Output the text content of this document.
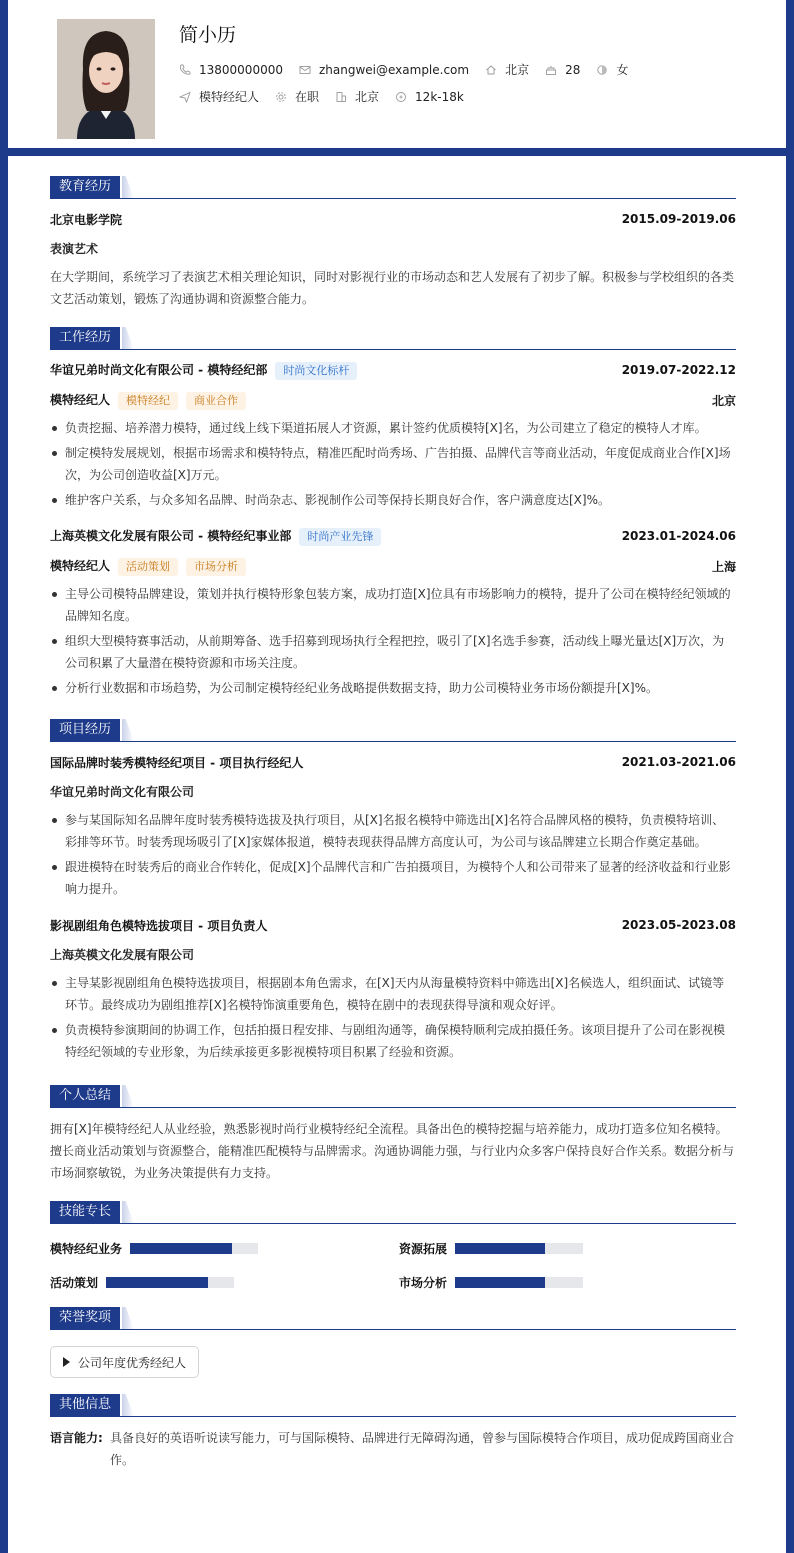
简小历
13800000000	zhangwei@example.com	北京	28	女
模特经纪人	在职	北京	12k-18k
教育经历
北京电影学院	2015.09-2019.06
表演艺术

在大学期间，系统学习了表演艺术相关理论知识，同时对影视行业的市场动态和艺人发展有了初步了解。积极参与学校组织的各类文艺活动策划，锻炼了沟通协调和资源整合能力。

工作经历
华谊兄弟时尚文化有限公司 - 模特经纪部 时尚文化标杆	2019.07-2022.12
模特经纪人 模特经纪 商业合作	北京
负责挖掘、培养潜力模特，通过线上线下渠道拓展人才资源，累计签约优质模特[X]名，为公司建立了稳定的模特人才库。
制定模特发展规划，根据市场需求和模特特点，精准匹配时尚秀场、广告拍摄、品牌代言等商业活动，年度促成商业合作[X]场次，为公司创造收益[X]万元。
维护客户关系，与众多知名品牌、时尚杂志、影视制作公司等保持长期良好合作，客户满意度达[X]%。
上海英模文化发展有限公司 - 模特经纪事业部 时尚产业先锋	2023.01-2024.06
模特经纪人 活动策划 市场分析	上海
主导公司模特品牌建设，策划并执行模特形象包装方案，成功打造[X]位具有市场影响力的模特，提升了公司在模特经纪领域的品牌知名度。
组织大型模特赛事活动，从前期筹备、选手招募到现场执行全程把控，吸引了[X]名选手参赛，活动线上曝光量达[X]万次，为公司积累了大量潜在模特资源和市场关注度。
分析行业数据和市场趋势，为公司制定模特经纪业务战略提供数据支持，助力公司模特业务市场份额提升[X]%。
项目经历
国际品牌时装秀模特经纪项目 - 项目执行经纪人	2021.03-2021.06
华谊兄弟时尚文化有限公司
参与某国际知名品牌年度时装秀模特选拔及执行项目，从[X]名报名模特中筛选出[X]名符合品牌风格的模特，负责模特培训、彩排等环节。时装秀现场吸引了[X]家媒体报道，模特表现获得品牌方高度认可，为公司与该品牌建立长期合作奠定基础。
跟进模特在时装秀后的商业合作转化，促成[X]个品牌代言和广告拍摄项目，为模特个人和公司带来了显著的经济收益和行业影响力提升。
影视剧组角色模特选拔项目 - 项目负责人	2023.05-2023.08
上海英模文化发展有限公司
主导某影视剧组角色模特选拔项目，根据剧本角色需求，在[X]天内从海量模特资料中筛选出[X]名候选人，组织面试、试镜等环节。最终成功为剧组推荐[X]名模特饰演重要角色，模特在剧中的表现获得导演和观众好评。
负责模特参演期间的协调工作，包括拍摄日程安排、与剧组沟通等，确保模特顺利完成拍摄任务。该项目提升了公司在影视模特经纪领域的专业形象，为后续承接更多影视模特项目积累了经验和资源。
个人总结

拥有[X]年模特经纪人从业经验，熟悉影视时尚行业模特经纪全流程。具备出色的模特挖掘与培养能力，成功打造多位知名模特。擅长商业活动策划与资源整合，能精准匹配模特与品牌需求。沟通协调能力强，与行业内众多客户保持良好合作关系。数据分析与市场洞察敏锐，为业务决策提供有力支持。

技能专长
模特经纪业务	资源拓展
活动策划	市场分析
荣誉奖项
公司年度优秀经纪人
其他信息
语言能力: 具备良好的英语听说读写能力，可与国际模特、品牌进行无障碍沟通，曾参与国际模特合作项目，成功促成跨国商业合作。
